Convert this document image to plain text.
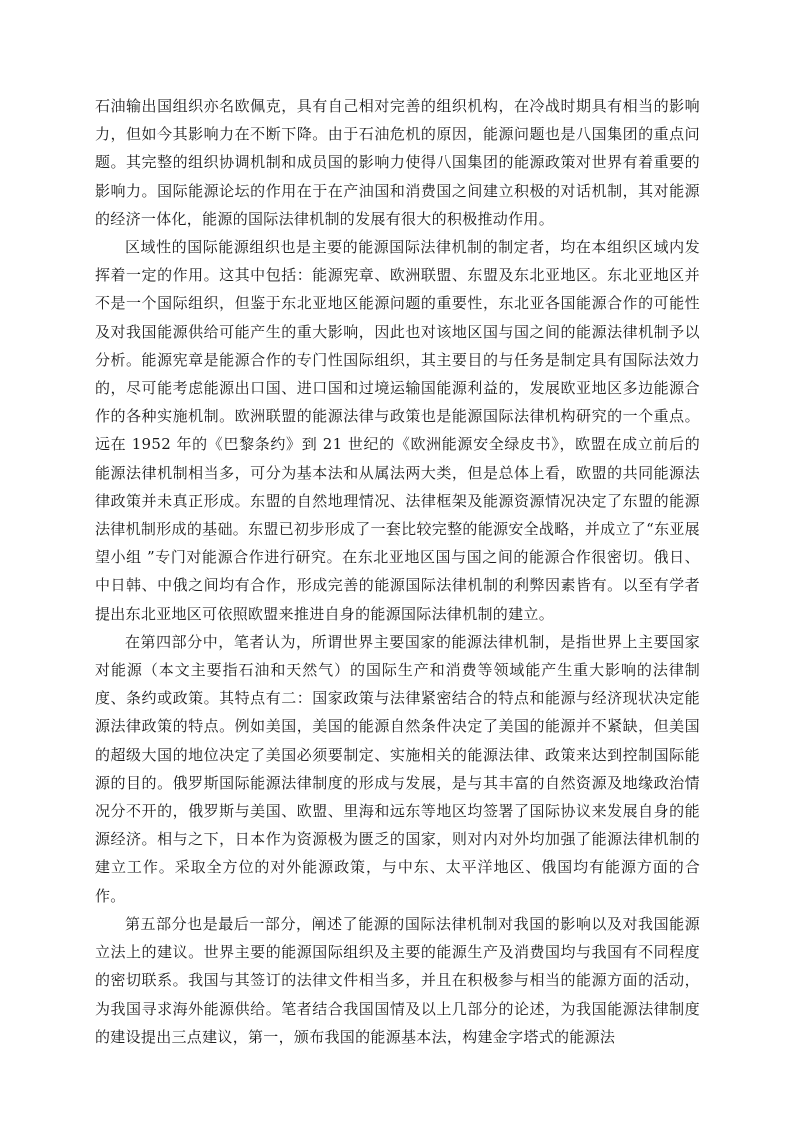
石油输出国组织亦名欧佩克，具有自己相对完善的组织机构，在冷战时期具有相当的影响力，但如今其影响力在不断下降。由于石油危机的原因，能源问题也是八国集团的重点问题。其完整的组织协调机制和成员国的影响力使得八国集团的能源政策对世界有着重要的影响力。国际能源论坛的作用在于在产油国和消费国之间建立积极的对话机制，其对能源的经济一体化，能源的国际法律机制的发展有很大的积极推动作用。

区域性的国际能源组织也是主要的能源国际法律机制的制定者，均在本组织区域内发挥着一定的作用。这其中包括：能源宪章、欧洲联盟、东盟及东北亚地区。东北亚地区并不是一个国际组织，但鉴于东北亚地区能源问题的重要性，东北亚各国能源合作的可能性及对我国能源供给可能产生的重大影响，因此也对该地区国与国之间的能源法律机制予以分析。能源宪章是能源合作的专门性国际组织，其主要目的与任务是制定具有国际法效力的，尽可能考虑能源出口国、进口国和过境运输国能源利益的，发展欧亚地区多边能源合作的各种实施机制。欧洲联盟的能源法律与政策也是能源国际法律机构研究的一个重点。远在 1952 年的《巴黎条约》到 21 世纪的《欧洲能源安全绿皮书》，欧盟在成立前后的能源法律机制相当多，可分为基本法和从属法两大类，但是总体上看，欧盟的共同能源法律政策并未真正形成。东盟的自然地理情况、法律框架及能源资源情况决定了东盟的能源法律机制形成的基础。东盟已初步形成了一套比较完整的能源安全战略，并成立了“东亚展望小组 ”专门对能源合作进行研究。在东北亚地区国与国之间的能源合作很密切。俄日、中日韩、中俄之间均有合作，形成完善的能源国际法律机制的利弊因素皆有。以至有学者提出东北亚地区可依照欧盟来推进自身的能源国际法律机制的建立。

在第四部分中，笔者认为，所谓世界主要国家的能源法律机制，是指世界上主要国家对能源（本文主要指石油和天然气）的国际生产和消费等领域能产生重大影响的法律制度、条约或政策。其特点有二：国家政策与法律紧密结合的特点和能源与经济现状决定能源法律政策的特点。例如美国，美国的能源自然条件决定了美国的能源并不紧缺，但美国的超级大国的地位决定了美国必须要制定、实施相关的能源法律、政策来达到控制国际能源的目的。俄罗斯国际能源法律制度的形成与发展，是与其丰富的自然资源及地缘政治情况分不开的，俄罗斯与美国、欧盟、里海和远东等地区均签署了国际协议来发展自身的能源经济。相与之下，日本作为资源极为匮乏的国家，则对内对外均加强了能源法律机制的建立工作。采取全方位的对外能源政策，与中东、太平洋地区、俄国均有能源方面的合作。

第五部分也是最后一部分，阐述了能源的国际法律机制对我国的影响以及对我国能源立法上的建议。世界主要的能源国际组织及主要的能源生产及消费国均与我国有不同程度的密切联系。我国与其签订的法律文件相当多，并且在积极参与相当的能源方面的活动，为我国寻求海外能源供给。笔者结合我国国情及以上几部分的论述，为我国能源法律制度的建设提出三点建议，第一，颁布我国的能源基本法，构建金字塔式的能源法
